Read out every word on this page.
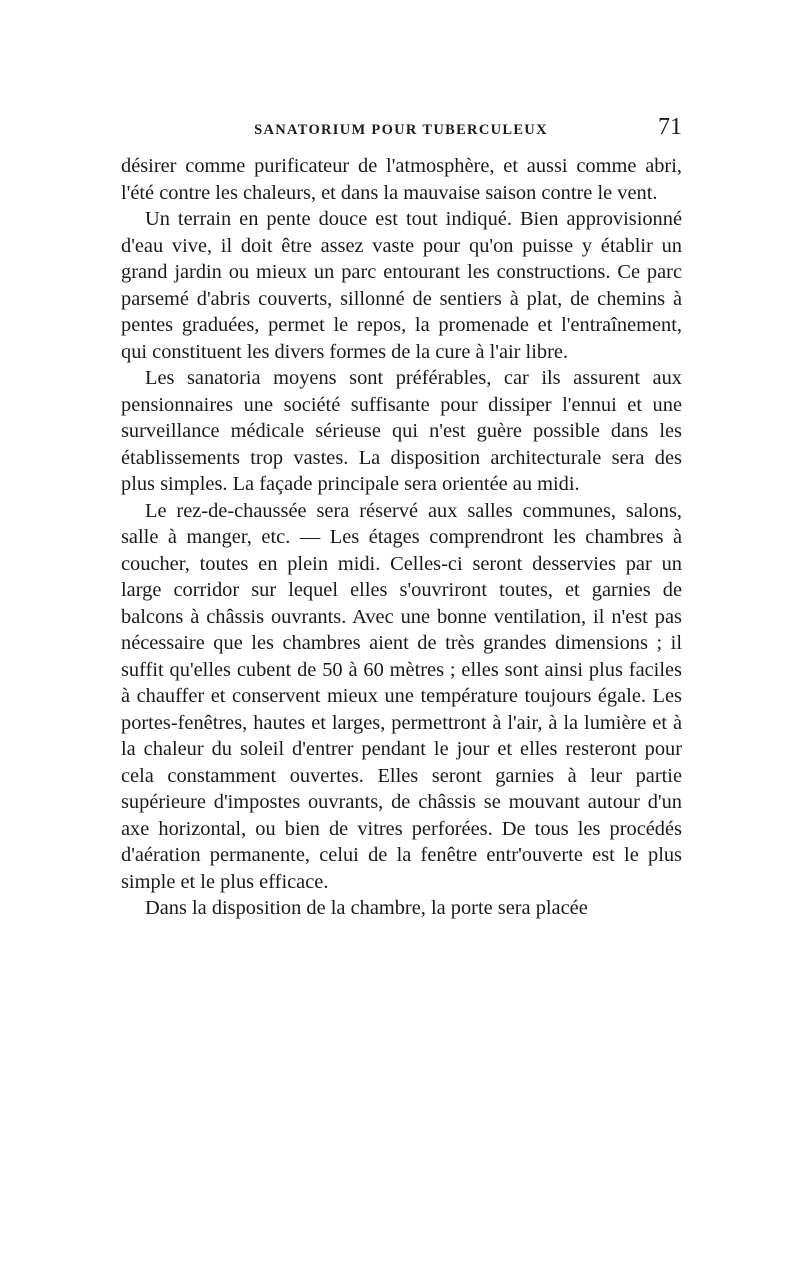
SANATORIUM POUR TUBERCULEUX	71

désirer comme purificateur de l'atmosphère, et aussi comme abri, l'été contre les chaleurs, et dans la mauvaise saison contre le vent.

Un terrain en pente douce est tout indiqué. Bien approvisionné d'eau vive, il doit être assez vaste pour qu'on puisse y établir un grand jardin ou mieux un parc entourant les constructions. Ce parc parsemé d'abris couverts, sillonné de sentiers à plat, de chemins à pentes graduées, permet le repos, la promenade et l'entraînement, qui constituent les divers formes de la cure à l'air libre.

Les sanatoria moyens sont préférables, car ils assurent aux pensionnaires une société suffisante pour dissiper l'ennui et une surveillance médicale sérieuse qui n'est guère possible dans les établissements trop vastes. La disposition architecturale sera des plus simples. La façade principale sera orientée au midi.

Le rez-de-chaussée sera réservé aux salles communes, salons, salle à manger, etc. — Les étages comprendront les chambres à coucher, toutes en plein midi. Celles-ci seront desservies par un large corridor sur lequel elles s'ouvriront toutes, et garnies de balcons à châssis ouvrants. Avec une bonne ventilation, il n'est pas nécessaire que les chambres aient de très grandes dimensions ; il suffit qu'elles cubent de 50 à 60 mètres ; elles sont ainsi plus faciles à chauffer et conservent mieux une température toujours égale. Les portes-fenêtres, hautes et larges, permettront à l'air, à la lumière et à la chaleur du soleil d'entrer pendant le jour et elles resteront pour cela constamment ouvertes. Elles seront garnies à leur partie supérieure d'impostes ouvrants, de châssis se mouvant autour d'un axe horizontal, ou bien de vitres perforées. De tous les procédés d'aération permanente, celui de la fenêtre entr'ouverte est le plus simple et le plus efficace.

Dans la disposition de la chambre, la porte sera placée
